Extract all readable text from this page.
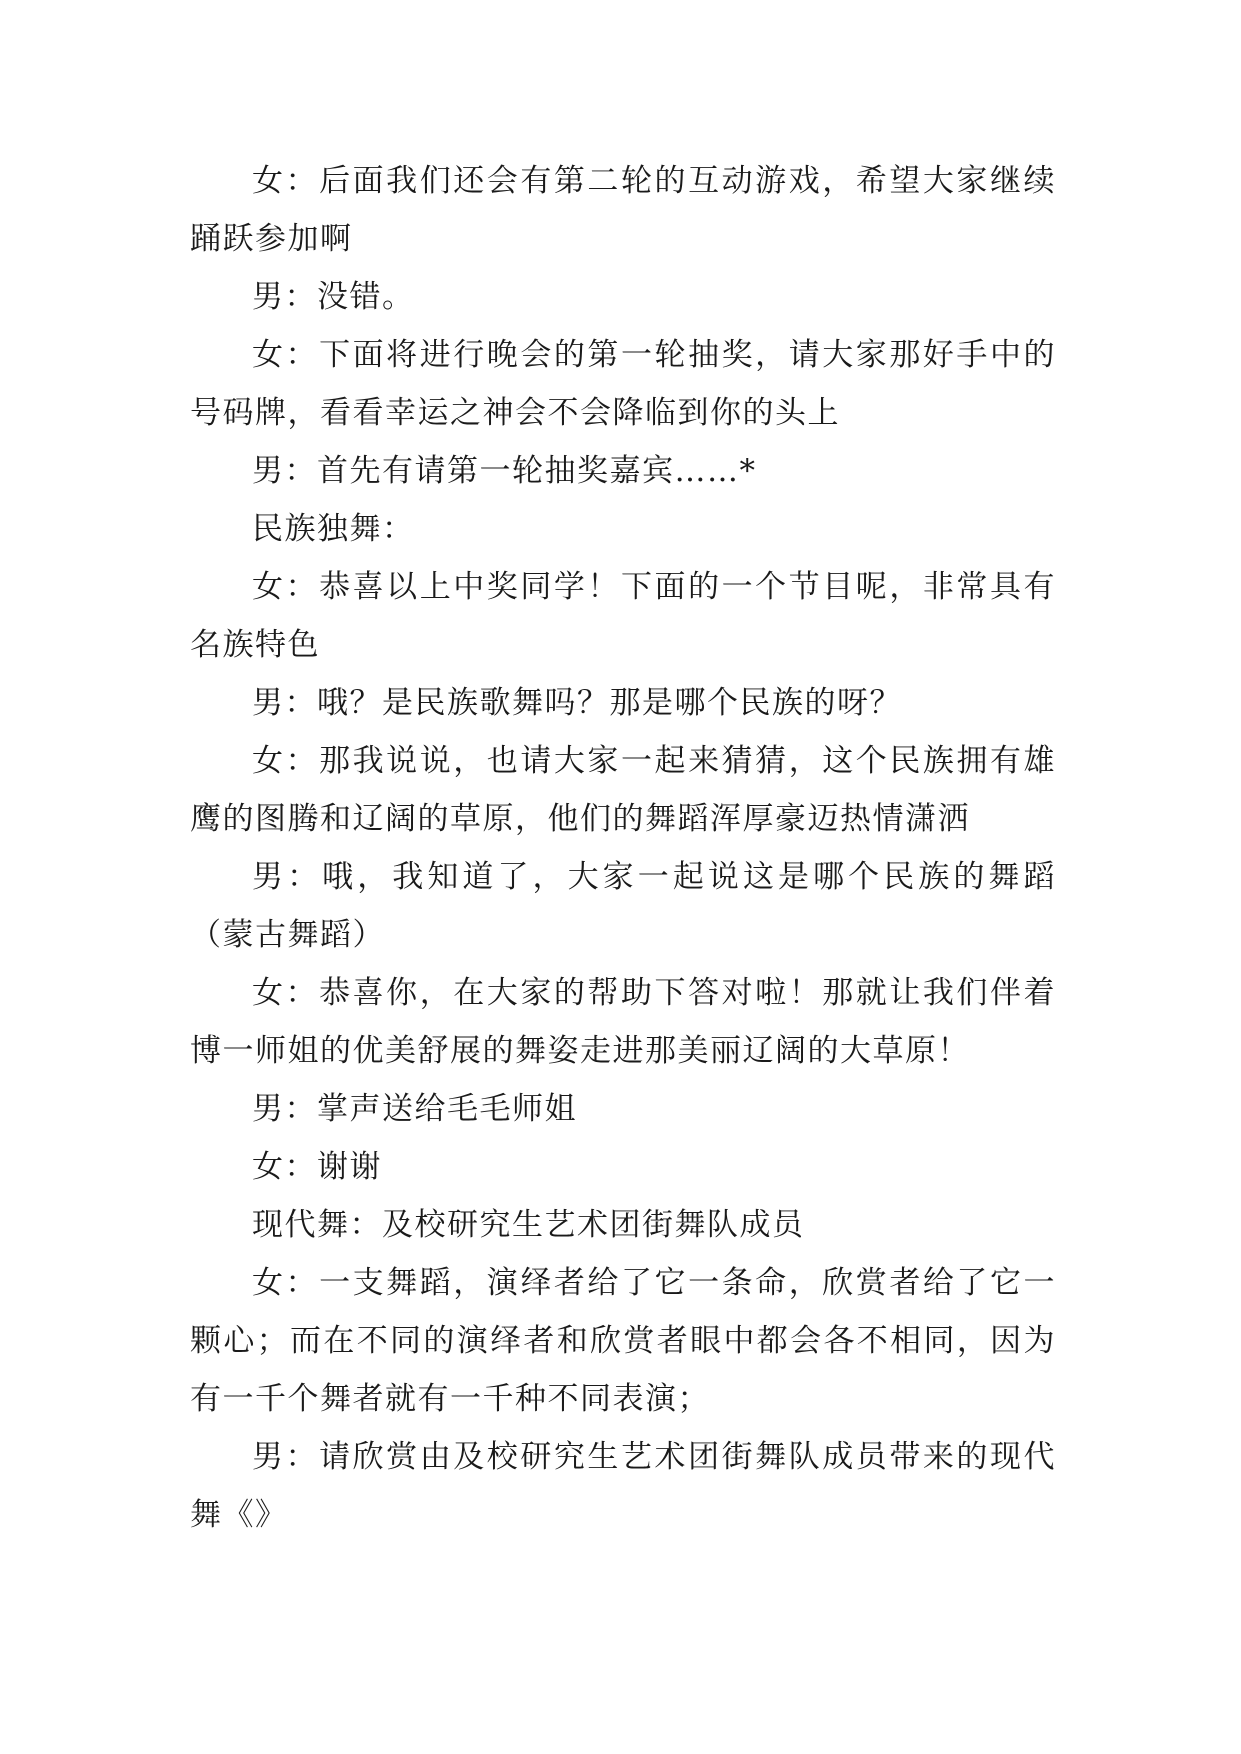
女：后面我们还会有第二轮的互动游戏，希望大家继续踊跃参加啊

男：没错。

女：下面将进行晚会的第一轮抽奖，请大家那好手中的号码牌，看看幸运之神会不会降临到你的头上

男：首先有请第一轮抽奖嘉宾……*

民族独舞：

女：恭喜以上中奖同学！下面的一个节目呢，非常具有名族特色

男：哦？是民族歌舞吗？那是哪个民族的呀？

女：那我说说，也请大家一起来猜猜，这个民族拥有雄鹰的图腾和辽阔的草原，他们的舞蹈浑厚豪迈热情潇洒

男：哦，我知道了，大家一起说这是哪个民族的舞蹈（蒙古舞蹈）

女：恭喜你，在大家的帮助下答对啦！那就让我们伴着博一师姐的优美舒展的舞姿走进那美丽辽阔的大草原！

男：掌声送给毛毛师姐

女：谢谢

现代舞：及校研究生艺术团街舞队成员

女：一支舞蹈，演绎者给了它一条命，欣赏者给了它一颗心；而在不同的演绎者和欣赏者眼中都会各不相同，因为有一千个舞者就有一千种不同表演；

男：请欣赏由及校研究生艺术团街舞队成员带来的现代舞《》
